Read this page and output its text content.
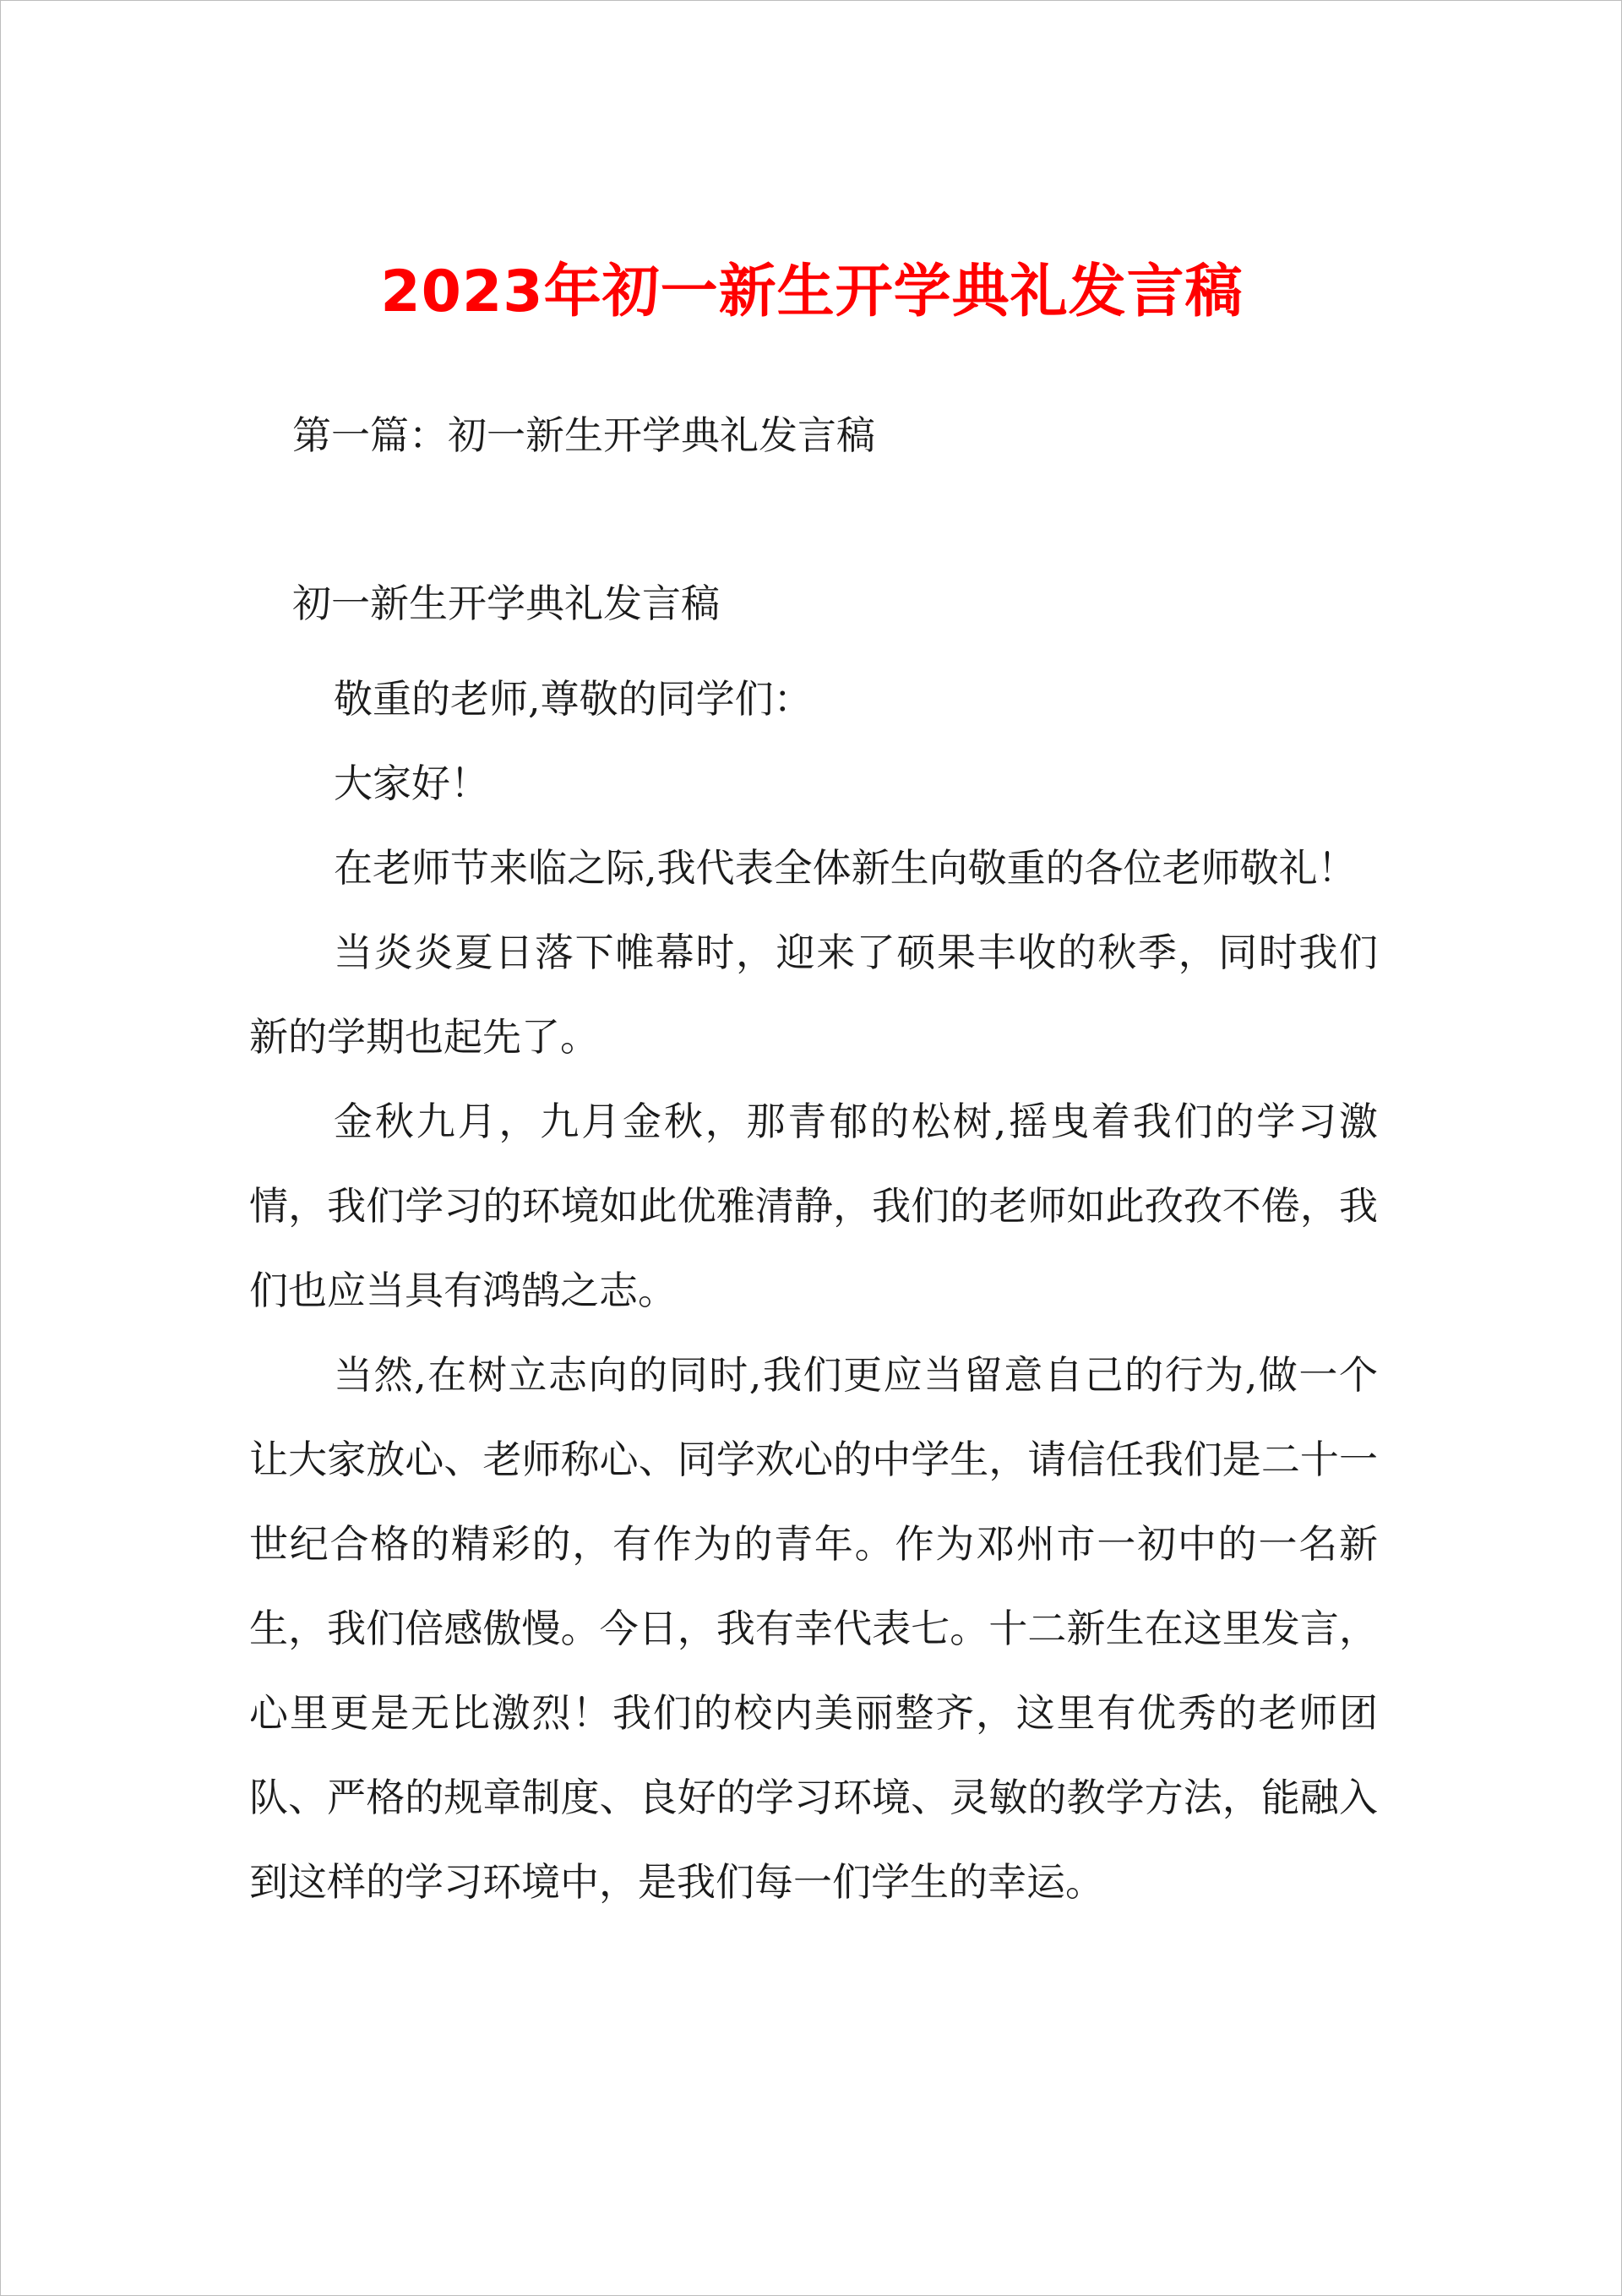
2023年初一新生开学典礼发言稿
第一篇：初一新生开学典礼发言稿
初一新生开学典礼发言稿

敬重的老师,尊敬的同学们：

大家好！

在老师节来临之际,我代表全体新生向敬重的各位老师敬礼！

当炎炎夏日落下帷幕时，迎来了硕果丰收的秋季，同时我们新的学期也起先了。

金秋九月，九月金秋，那青郁的松树,摇曳着我们的学习激情，我们学习的环境如此优雅清静，我们的老师如此孜孜不倦，我们也应当具有鸿鹄之志。

当然,在树立志向的同时,我们更应当留意自己的行为,做一个让大家放心、老师称心、同学欢心的中学生，请信任我们是二十一世纪合格的精彩的，有作为的青年。作为邓州市一初中的一名新生，我们倍感傲慢。今日，我有幸代表七。十二新生在这里发言，心里更是无比激烈！我们的校内美丽整齐，这里有优秀的老师团队、严格的规章制度、良好的学习环境、灵敏的教学方法，能融入到这样的学习环境中，是我们每一们学生的幸运。
